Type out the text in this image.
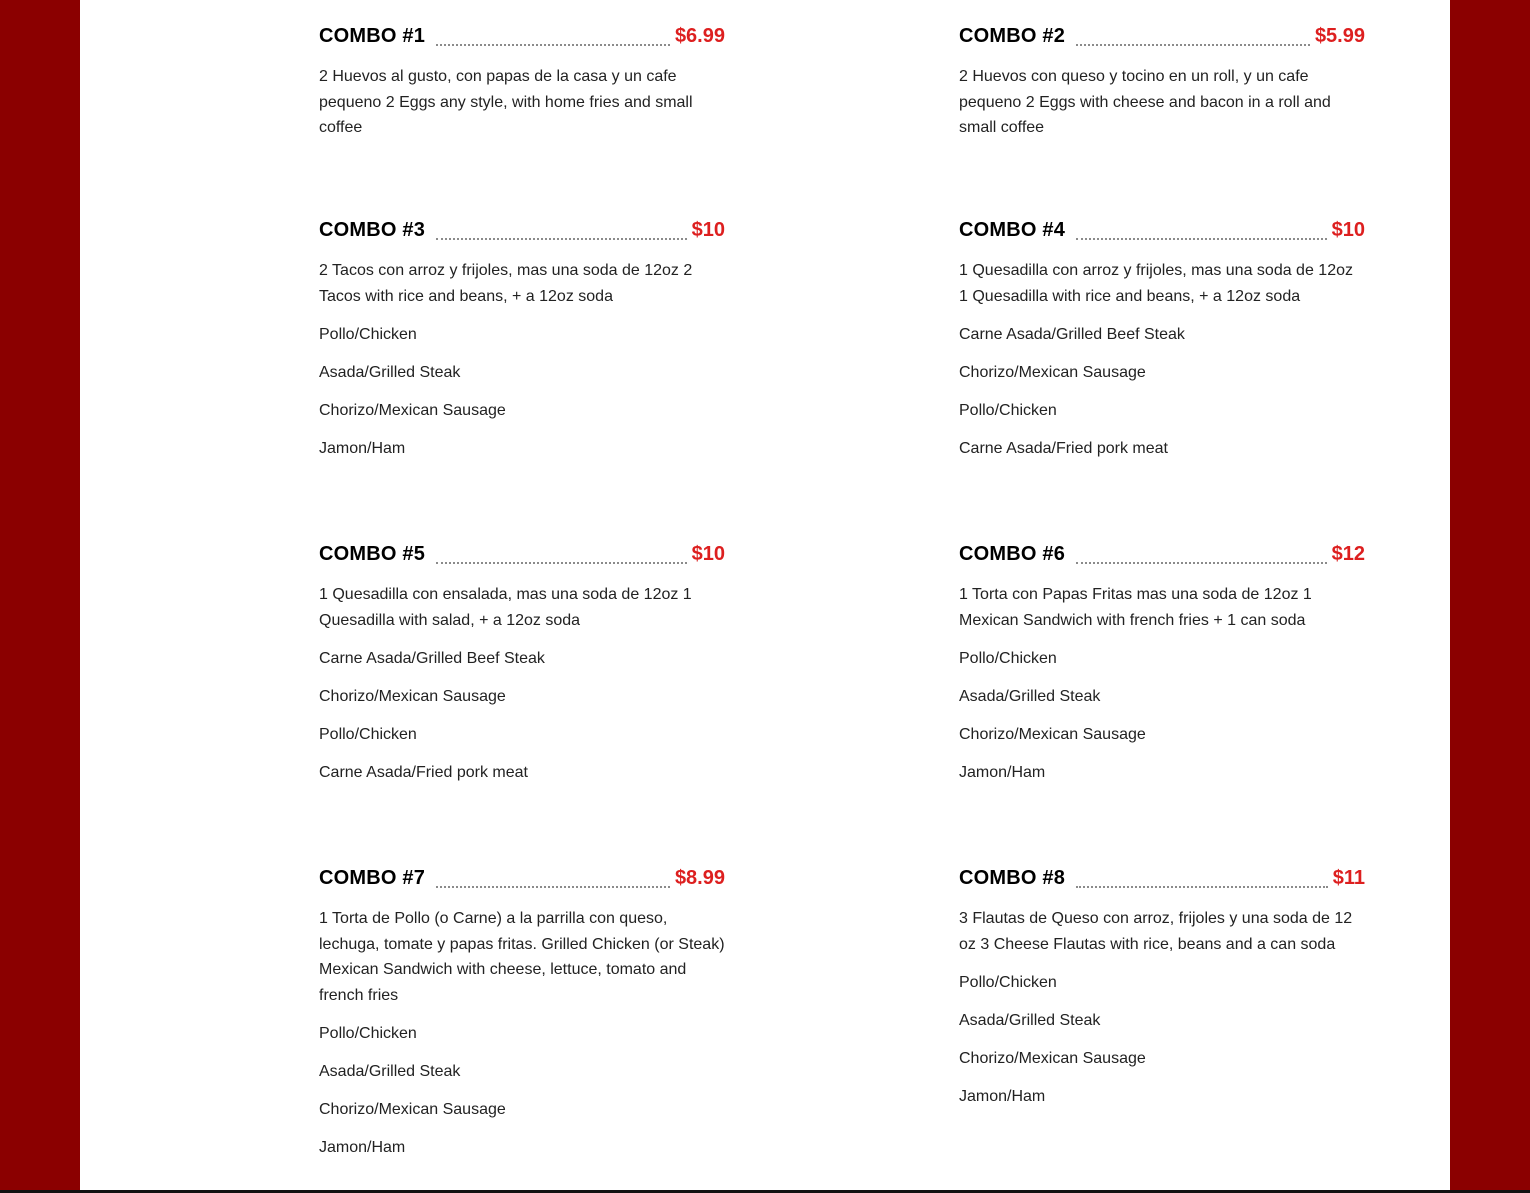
COMBO #1	$6.99
2 Huevos al gusto, con papas de la casa y un cafe pequeno 2 Eggs any style, with home fries and small coffee
COMBO #2	$5.99
2 Huevos con queso y tocino en un roll, y un cafe pequeno 2 Eggs with cheese and bacon in a roll and small coffee
COMBO #3	$10
2 Tacos con arroz y frijoles, mas una soda de 12oz 2 Tacos with rice and beans, + a 12oz soda
Pollo/Chicken
Asada/Grilled Steak
Chorizo/Mexican Sausage
Jamon/Ham
COMBO #4	$10
1 Quesadilla con arroz y frijoles, mas una soda de 12oz 1 Quesadilla with rice and beans, + a 12oz soda
Carne Asada/Grilled Beef Steak
Chorizo/Mexican Sausage
Pollo/Chicken
Carne Asada/Fried pork meat
COMBO #5	$10
1 Quesadilla con ensalada, mas una soda de 12oz 1 Quesadilla with salad, + a 12oz soda
Carne Asada/Grilled Beef Steak
Chorizo/Mexican Sausage
Pollo/Chicken
Carne Asada/Fried pork meat
COMBO #6	$12
1 Torta con Papas Fritas mas una soda de 12oz 1 Mexican Sandwich with french fries + 1 can soda
Pollo/Chicken
Asada/Grilled Steak
Chorizo/Mexican Sausage
Jamon/Ham
COMBO #7	$8.99
1 Torta de Pollo (o Carne) a la parrilla con queso, lechuga, tomate y papas fritas. Grilled Chicken (or Steak) Mexican Sandwich with cheese, lettuce, tomato and french fries
Pollo/Chicken
Asada/Grilled Steak
Chorizo/Mexican Sausage
Jamon/Ham
COMBO #8	$11
3 Flautas de Queso con arroz, frijoles y una soda de 12 oz 3 Cheese Flautas with rice, beans and a can soda
Pollo/Chicken
Asada/Grilled Steak
Chorizo/Mexican Sausage
Jamon/Ham
